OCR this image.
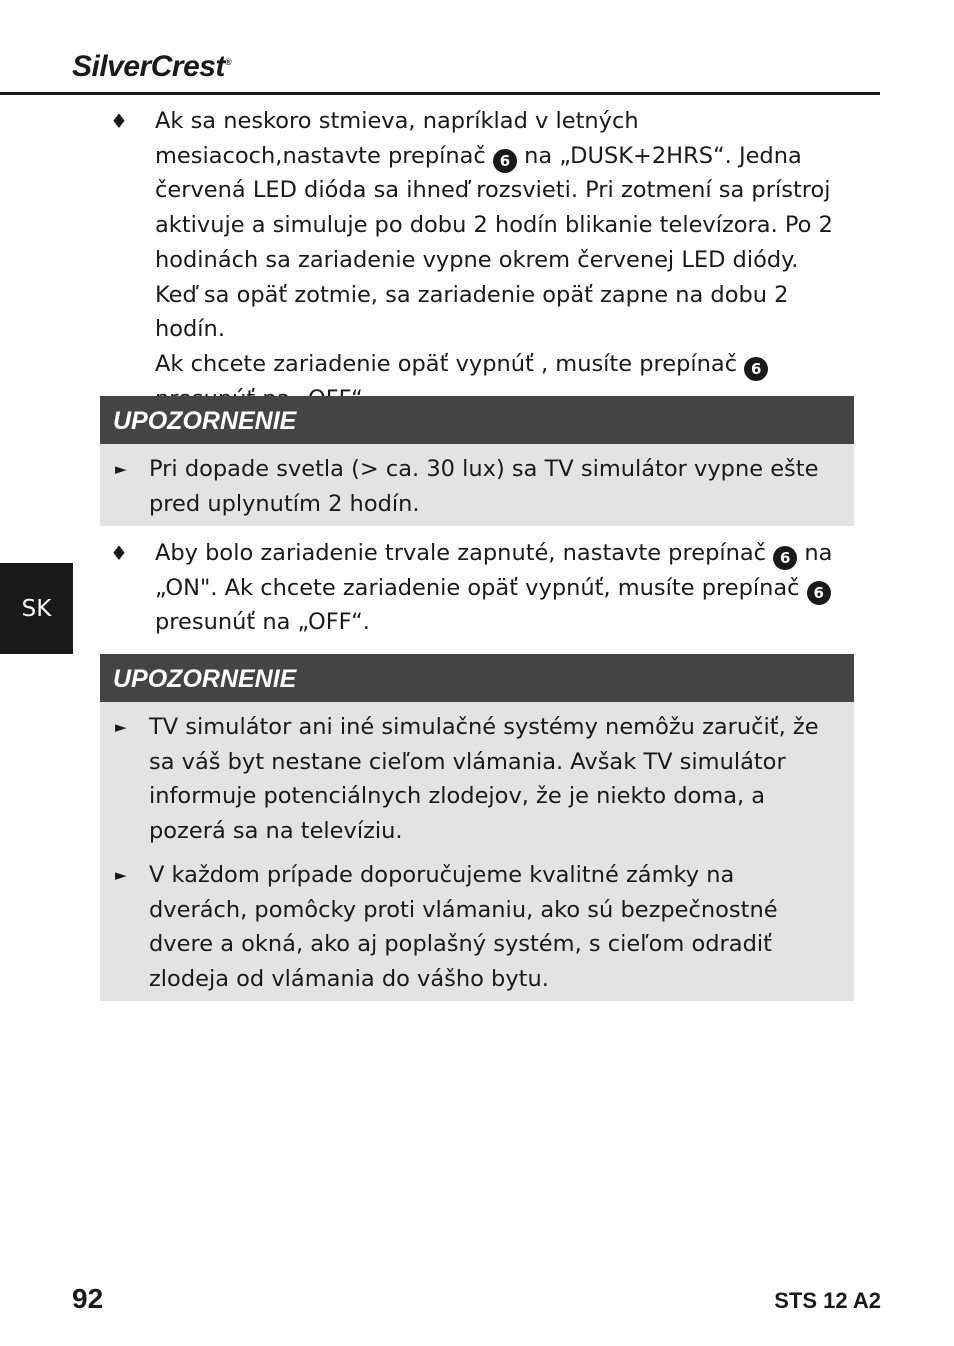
SilverCrest®
SK
♦ Ak sa neskoro stmieva, napríklad v letných mesiacoch,nastavte prepínač 6 na „DUSK+2HRS“. Jedna červená LED dióda sa ihneď rozsvieti. Pri zotmení sa prístroj aktivuje a simuluje po dobu 2 hodín blikanie televízora. Po 2 hodinách sa zariadenie vypne okrem červenej LED diódy.

Keď sa opäť zotmie, sa zariadenie opäť zapne na dobu 2 hodín.

Ak chcete zariadenie opäť vypnúť , musíte prepínač 6

UPOZORNENIE
► Pri dopade svetla (> ca. 30 lux) sa TV simulátor vypne ešte pred uplynutím 2 hodín.
♦ Aby bolo zariadenie trvale zapnuté, nastavte prepínač 6 na „ON". Ak chcete zariadenie opäť vypnúť, musíte prepínač 6 presunúť na „OFF“.

UPOZORNENIE
► TV simulátor ani iné simulačné systémy nemôžu zaručiť, že sa váš byt nestane cieľom vlámania. Avšak TV simulátor informuje potenciálnych zlodejov, že je niekto doma, a pozerá sa na televíziu.
► V každom prípade doporučujeme kvalitné zámky na dverách, pomôcky proti vlámaniu, ako sú bezpečnostné dvere a okná, ako aj poplašný systém, s cieľom odradiť zlodeja od vlámania do vášho bytu.
92	STS 12 A2
